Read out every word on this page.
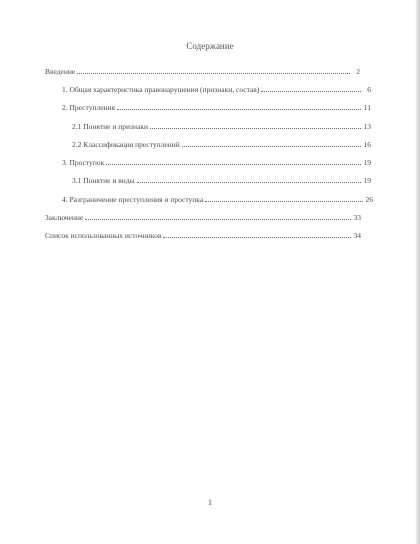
Содержание
Введение	2
1. Общая характеристика правонарушения (признаки, состав)	6
2. Преступления	11
2.1 Понятие и признаки	13
2.2 Классификация преступлений	16
3. Проступок	19
3.1 Понятие и виды	19
4. Разграничение преступления и проступка	26
Заключение	33
Список использованных источников	34
1
